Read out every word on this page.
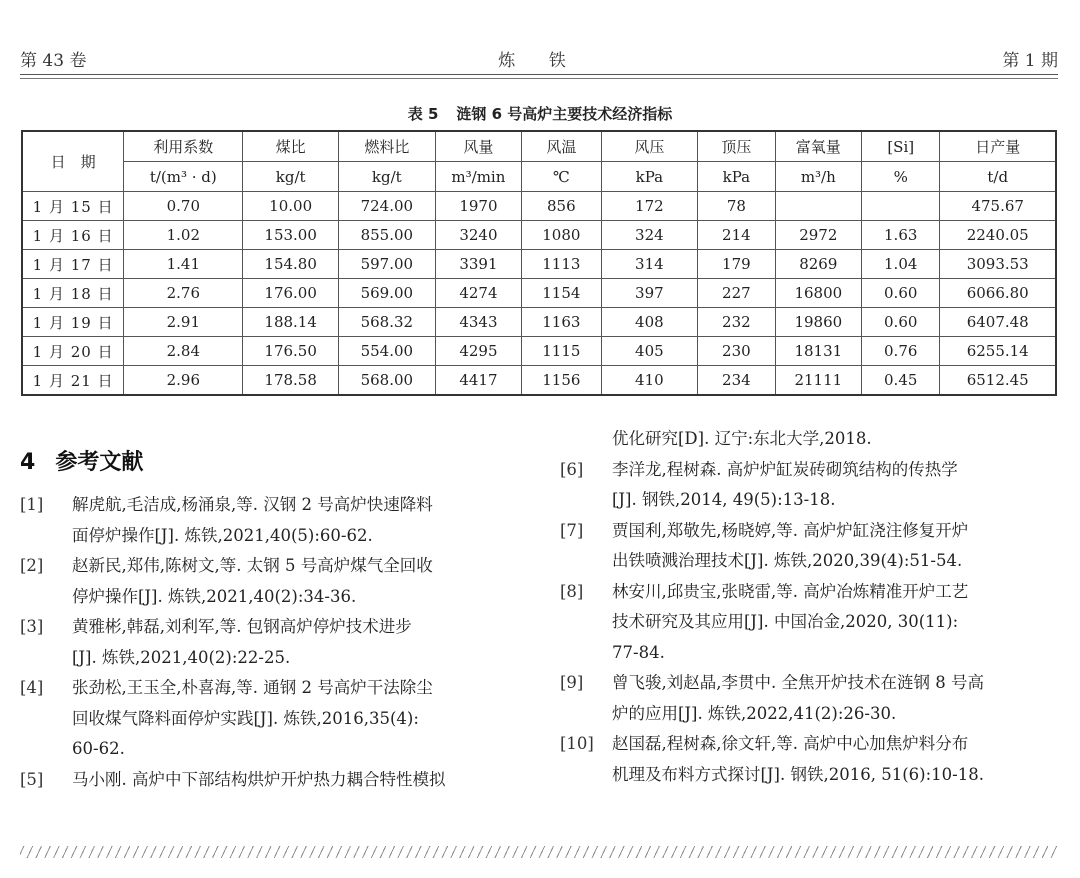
第 43 卷	炼 铁	第 1 期
表 5 涟钢 6 号高炉主要技术经济指标
日　期	利用系数	煤比	燃料比	风量	风温	风压	顶压	富氧量	[Si]	日产量
	t/(m³ · d)	kg/t	kg/t	m³/min	℃	kPa	kPa	m³/h	%	t/d
1 月 15 日	0.70	10.00	724.00	1970	856	172	78			475.67
1 月 16 日	1.02	153.00	855.00	3240	1080	324	214	2972	1.63	2240.05
1 月 17 日	1.41	154.80	597.00	3391	1113	314	179	8269	1.04	3093.53
1 月 18 日	2.76	176.00	569.00	4274	1154	397	227	16800	0.60	6066.80
1 月 19 日	2.91	188.14	568.32	4343	1163	408	232	19860	0.60	6407.48
1 月 20 日	2.84	176.50	554.00	4295	1115	405	230	18131	0.76	6255.14
1 月 21 日	2.96	178.58	568.00	4417	1156	410	234	21111	0.45	6512.45
4 参考文献
[1] 解虎航,毛洁成,杨涌泉,等. 汉钢 2 号高炉快速降料
面停炉操作[J]. 炼铁,2021,40(5):60-62.
[2] 赵新民,郑伟,陈树文,等. 太钢 5 号高炉煤气全回收
停炉操作[J]. 炼铁,2021,40(2):34-36.
[3] 黄雅彬,韩磊,刘利军,等. 包钢高炉停炉技术进步
[J]. 炼铁,2021,40(2):22-25.
[4] 张劲松,王玉全,朴喜海,等. 通钢 2 号高炉干法除尘
回收煤气降料面停炉实践[J]. 炼铁,2016,35(4):
60-62.
[5] 马小刚. 高炉中下部结构烘炉开炉热力耦合特性模拟
优化研究[D]. 辽宁:东北大学,2018.
[6] 李洋龙,程树森. 高炉炉缸炭砖砌筑结构的传热学
[J]. 钢铁,2014, 49(5):13-18.
[7] 贾国利,郑敬先,杨晓婷,等. 高炉炉缸浇注修复开炉
出铁喷溅治理技术[J]. 炼铁,2020,39(4):51-54.
[8] 林安川,邱贵宝,张晓雷,等. 高炉冶炼精准开炉工艺
技术研究及其应用[J]. 中国冶金,2020, 30(11):
77-84.
[9] 曾飞骏,刘赵晶,李贯中. 全焦开炉技术在涟钢 8 号高
炉的应用[J]. 炼铁,2022,41(2):26-30.
[10] 赵国磊,程树森,徐文轩,等. 高炉中心加焦炉料分布
机理及布料方式探讨[J]. 钢铁,2016, 51(6):10-18.
